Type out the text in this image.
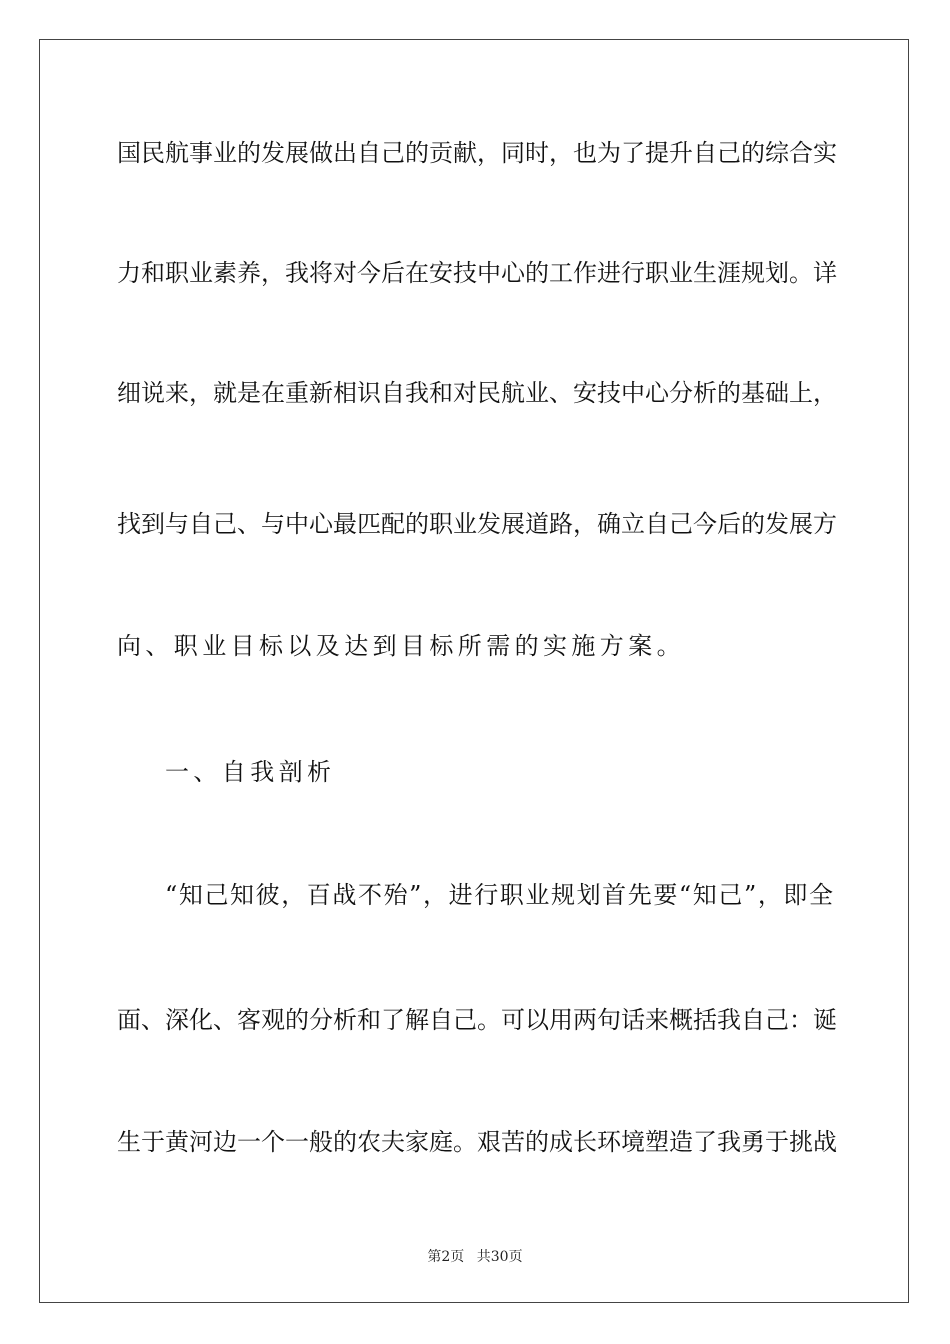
国民航事业的发展做出自己的贡献，同时，也为了提升自己的综合实
力和职业素养，我将对今后在安技中心的工作进行职业生涯规划。详
细说来，就是在重新相识自我和对民航业、安技中心分析的基础上，
找到与自己、与中心最匹配的职业发展道路，确立自己今后的发展方
向、职业目标以及达到目标所需的实施方案。
一、自我剖析
“知己知彼，百战不殆”，进行职业规划首先要“知己”，即全
面、深化、客观的分析和了解自己。可以用两句话来概括我自己：诞
生于黄河边一个一般的农夫家庭。艰苦的成长环境塑造了我勇于挑战
第2页 共30页
